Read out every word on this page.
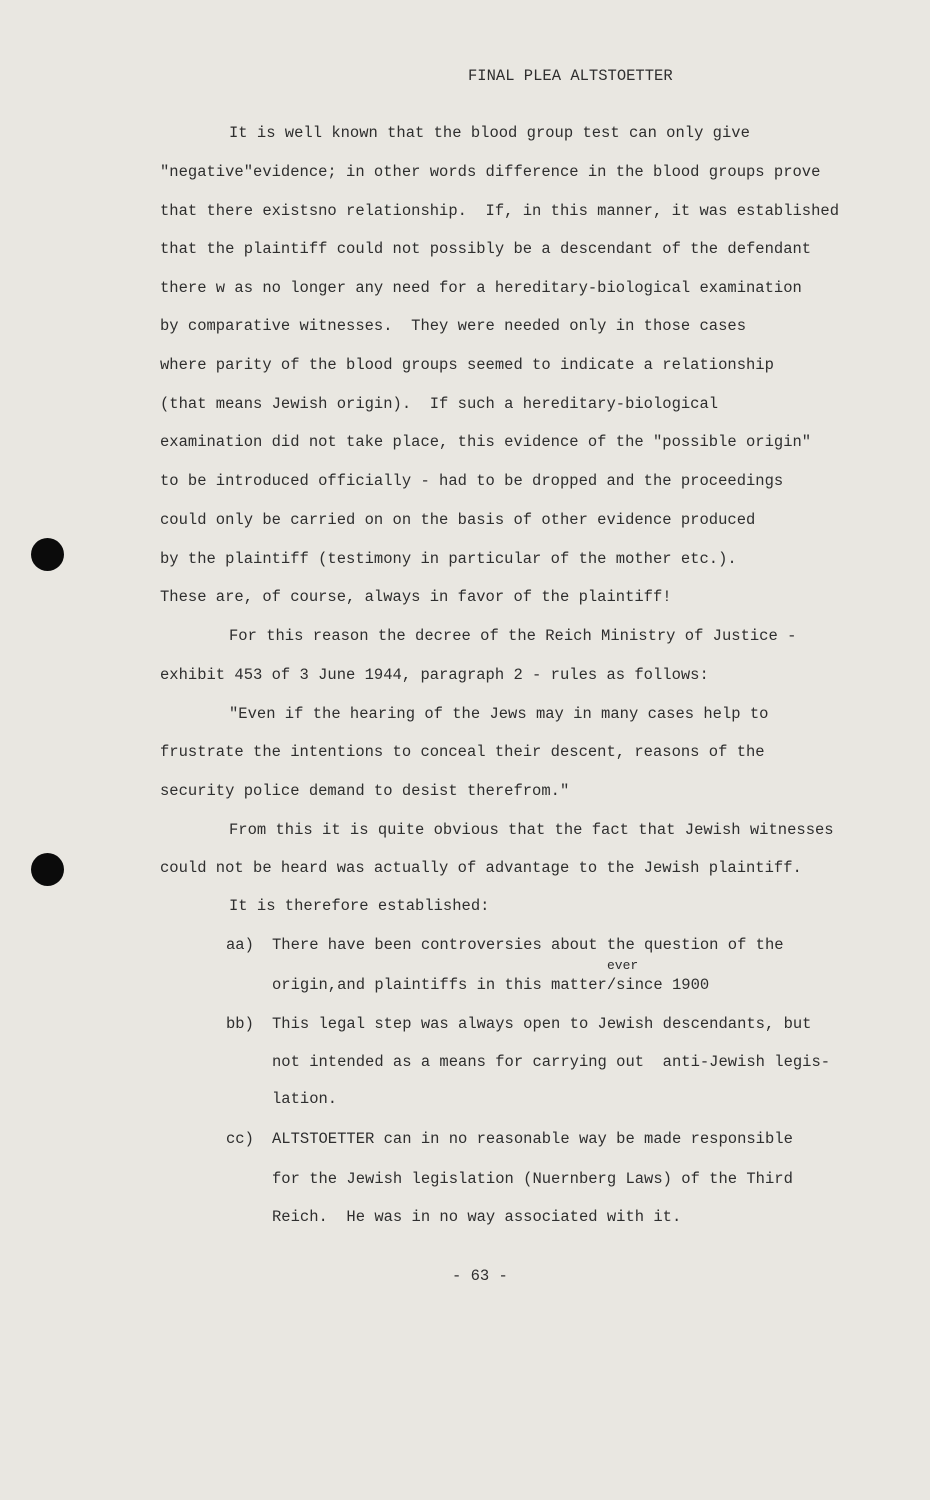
FINAL PLEA ALTSTOETTER
It is well known that the blood group test can only give
"negative"evidence; in other words difference in the blood groups prove
that there existsno relationship.  If, in this manner, it was established
that the plaintiff could not possibly be a descendant of the defendant
there w as no longer any need for a hereditary-biological examination
by comparative witnesses.  They were needed only in those cases
where parity of the blood groups seemed to indicate a relationship
(that means Jewish origin).  If such a hereditary-biological
examination did not take place, this evidence of the "possible origin"
to be introduced officially - had to be dropped and the proceedings
could only be carried on on the basis of other evidence produced
by the plaintiff (testimony in particular of the mother etc.).
These are, of course, always in favor of the plaintiff!
For this reason the decree of the Reich Ministry of Justice -
exhibit 453 of 3 June 1944, paragraph 2 - rules as follows:
"Even if the hearing of the Jews may in many cases help to
frustrate the intentions to conceal their descent, reasons of the
security police demand to desist therefrom."
From this it is quite obvious that the fact that Jewish witnesses
could not be heard was actually of advantage to the Jewish plaintiff.
It is therefore established:
aa) There have been controversies about the question of the
ever
origin,and plaintiffs in this matter/since 1900
bb) This legal step was always open to Jewish descendants, but
not intended as a means for carrying out  anti-Jewish legis-
lation.
cc) ALTSTOETTER can in no reasonable way be made responsible
for the Jewish legislation (Nuernberg Laws) of the Third
Reich.  He was in no way associated with it.
- 63 -
